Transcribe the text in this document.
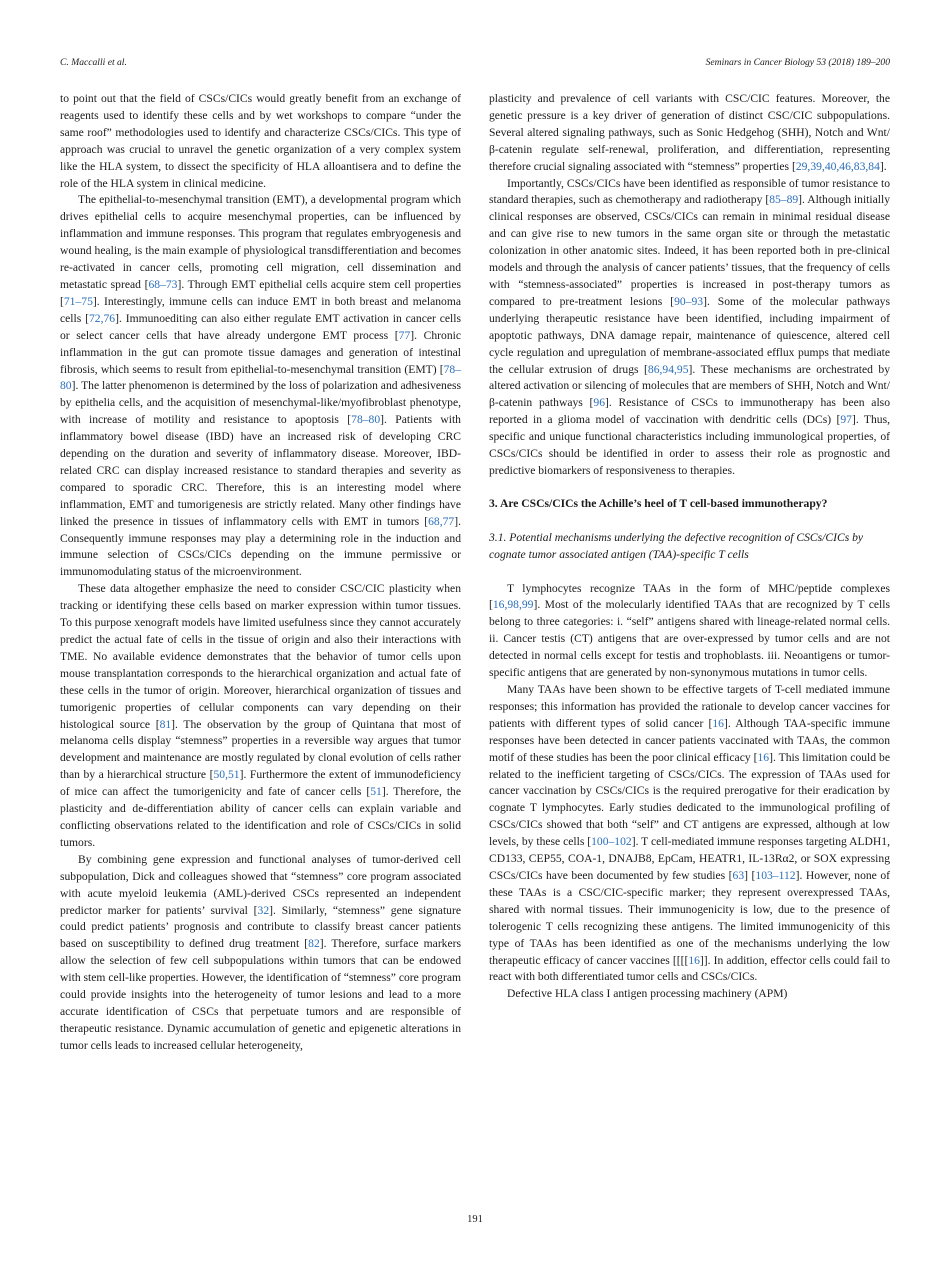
C. Maccalli et al.	Seminars in Cancer Biology 53 (2018) 189–200

to point out that the field of CSCs/CICs would greatly benefit from an exchange of reagents used to identify these cells and by wet workshops to compare “under the same roof” methodologies used to identify and characterize CSCs/CICs. This type of approach was crucial to unravel the genetic organization of a very complex system like the HLA system, to dissect the specificity of HLA alloantisera and to define the role of the HLA system in clinical medicine.

The epithelial-to-mesenchymal transition (EMT), a developmental program which drives epithelial cells to acquire mesenchymal properties, can be influenced by inflammation and immune responses. This program that regulates embryogenesis and wound healing, is the main example of physiological transdifferentiation and becomes re-activated in cancer cells, promoting cell migration, cell dissemination and metastatic spread [68–73]. Through EMT epithelial cells acquire stem cell properties [71–75]. Interestingly, immune cells can induce EMT in both breast and melanoma cells [72,76]. Immunoediting can also either regulate EMT activation in cancer cells or select cancer cells that have already undergone EMT process [77]. Chronic inflammation in the gut can promote tissue damages and generation of intestinal fibrosis, which seems to result from epithelial-to-mesenchymal transition (EMT) [78–80]. The latter phenomenon is determined by the loss of polarization and adhesiveness by epithelia cells, and the acquisition of mesenchymal-like/myofibroblast phenotype, with increase of motility and resistance to apoptosis [78–80]. Patients with inflammatory bowel disease (IBD) have an increased risk of developing CRC depending on the duration and severity of inflammatory disease. Moreover, IBD-related CRC can display increased resistance to standard therapies and severity as compared to sporadic CRC. Therefore, this is an interesting model where inflammation, EMT and tumorigenesis are strictly related. Many other findings have linked the presence in tissues of inflammatory cells with EMT in tumors [68,77]. Consequently immune responses may play a determining role in the induction and immune selection of CSCs/CICs depending on the immune permissive or immunomodulating status of the microenvironment.

These data altogether emphasize the need to consider CSC/CIC plasticity when tracking or identifying these cells based on marker expression within tumor tissues. To this purpose xenograft models have limited usefulness since they cannot accurately predict the actual fate of cells in the tissue of origin and also their interactions with TME. No available evidence demonstrates that the behavior of tumor cells upon mouse transplantation corresponds to the hierarchical organization and actual fate of these cells in the tumor of origin. Moreover, hierarchical organization of tissues and tumorigenic properties of cellular components can vary depending on their histological source [81]. The observation by the group of Quintana that most of melanoma cells display “stemness” properties in a reversible way argues that tumor development and maintenance are mostly regulated by clonal evolution of cells rather than by a hierarchical structure [50,51]. Furthermore the extent of immunodeficiency of mice can affect the tumorigenicity and fate of cancer cells [51]. Therefore, the plasticity and de-differentiation ability of cancer cells can explain variable and conflicting observations related to the identification and role of CSCs/CICs in solid tumors.

By combining gene expression and functional analyses of tumor-derived cell subpopulation, Dick and colleagues showed that “stemness” core program associated with acute myeloid leukemia (AML)-derived CSCs represented an independent predictor marker for patients’ survival [32]. Similarly, “stemness” gene signature could predict patients’ prognosis and contribute to classify breast cancer patients based on susceptibility to defined drug treatment [82]. Therefore, surface markers allow the selection of few cell subpopulations within tumors that can be endowed with stem cell-like properties. However, the identification of “stemness” core program could provide insights into the heterogeneity of tumor lesions and lead to a more accurate identification of CSCs that perpetuate tumors and are responsible of therapeutic resistance. Dynamic accumulation of genetic and epigenetic alterations in tumor cells leads to increased cellular heterogeneity,

plasticity and prevalence of cell variants with CSC/CIC features. Moreover, the genetic pressure is a key driver of generation of distinct CSC/CIC subpopulations. Several altered signaling pathways, such as Sonic Hedgehog (SHH), Notch and Wnt/β-catenin regulate self-renewal, proliferation, and differentiation, representing therefore crucial signaling associated with “stemness” properties [29,39,40,46,83,84].

Importantly, CSCs/CICs have been identified as responsible of tumor resistance to standard therapies, such as chemotherapy and radiotherapy [85–89]. Although initially clinical responses are observed, CSCs/CICs can remain in minimal residual disease and can give rise to new tumors in the same organ site or through the metastatic colonization in other anatomic sites. Indeed, it has been reported both in pre-clinical models and through the analysis of cancer patients’ tissues, that the frequency of cells with “stemness-associated” properties is increased in post-therapy tumors as compared to pre-treatment lesions [90–93]. Some of the molecular pathways underlying therapeutic resistance have been identified, including impairment of apoptotic pathways, DNA damage repair, maintenance of quiescence, altered cell cycle regulation and upregulation of membrane-associated efflux pumps that mediate the cellular extrusion of drugs [86,94,95]. These mechanisms are orchestrated by altered activation or silencing of molecules that are members of SHH, Notch and Wnt/β-catenin pathways [96]. Resistance of CSCs to immunotherapy has been also reported in a glioma model of vaccination with dendritic cells (DCs) [97]. Thus, specific and unique functional characteristics including immunological properties, of CSCs/CICs should be identified in order to assess their role as prognostic and predictive biomarkers of responsiveness to therapies.

3. Are CSCs/CICs the Achille’s heel of T cell-based immunotherapy?
3.1. Potential mechanisms underlying the defective recognition of CSCs/CICs by cognate tumor associated antigen (TAA)-specific T cells

T lymphocytes recognize TAAs in the form of MHC/peptide complexes [16,98,99]. Most of the molecularly identified TAAs that are recognized by T cells belong to three categories: i. “self” antigens shared with lineage-related normal cells. ii. Cancer testis (CT) antigens that are over-expressed by tumor cells and are not detected in normal cells except for testis and trophoblasts. iii. Neoantigens or tumor-specific antigens that are generated by non-synonymous mutations in tumor cells.

Many TAAs have been shown to be effective targets of T-cell mediated immune responses; this information has provided the rationale to develop cancer vaccines for patients with different types of solid cancer [16]. Although TAA-specific immune responses have been detected in cancer patients vaccinated with TAAs, the common motif of these studies has been the poor clinical efficacy [16]. This limitation could be related to the inefficient targeting of CSCs/CICs. The expression of TAAs used for cancer vaccination by CSCs/CICs is the required prerogative for their eradication by cognate T lymphocytes. Early studies dedicated to the immunological profiling of CSCs/CICs showed that both “self” and CT antigens are expressed, although at low levels, by these cells [100–102]. T cell-mediated immune responses targeting ALDH1, CD133, CEP55, COA-1, DNAJB8, EpCam, HEATR1, IL-13Rα2, or SOX expressing CSCs/CICs have been documented by few studies [63] [103–112]. However, none of these TAAs is a CSC/CIC-specific marker; they represent overexpressed TAAs, shared with normal tissues. Their immunogenicity is low, due to the presence of tolerogenic T cells recognizing these antigens. The limited immunogenicity of this type of TAAs has been identified as one of the mechanisms underlying the low therapeutic efficacy of cancer vaccines [[[[16]]. In addition, effector cells could fail to react with both differentiated tumor cells and CSCs/CICs.

Defective HLA class I antigen processing machinery (APM)

191
